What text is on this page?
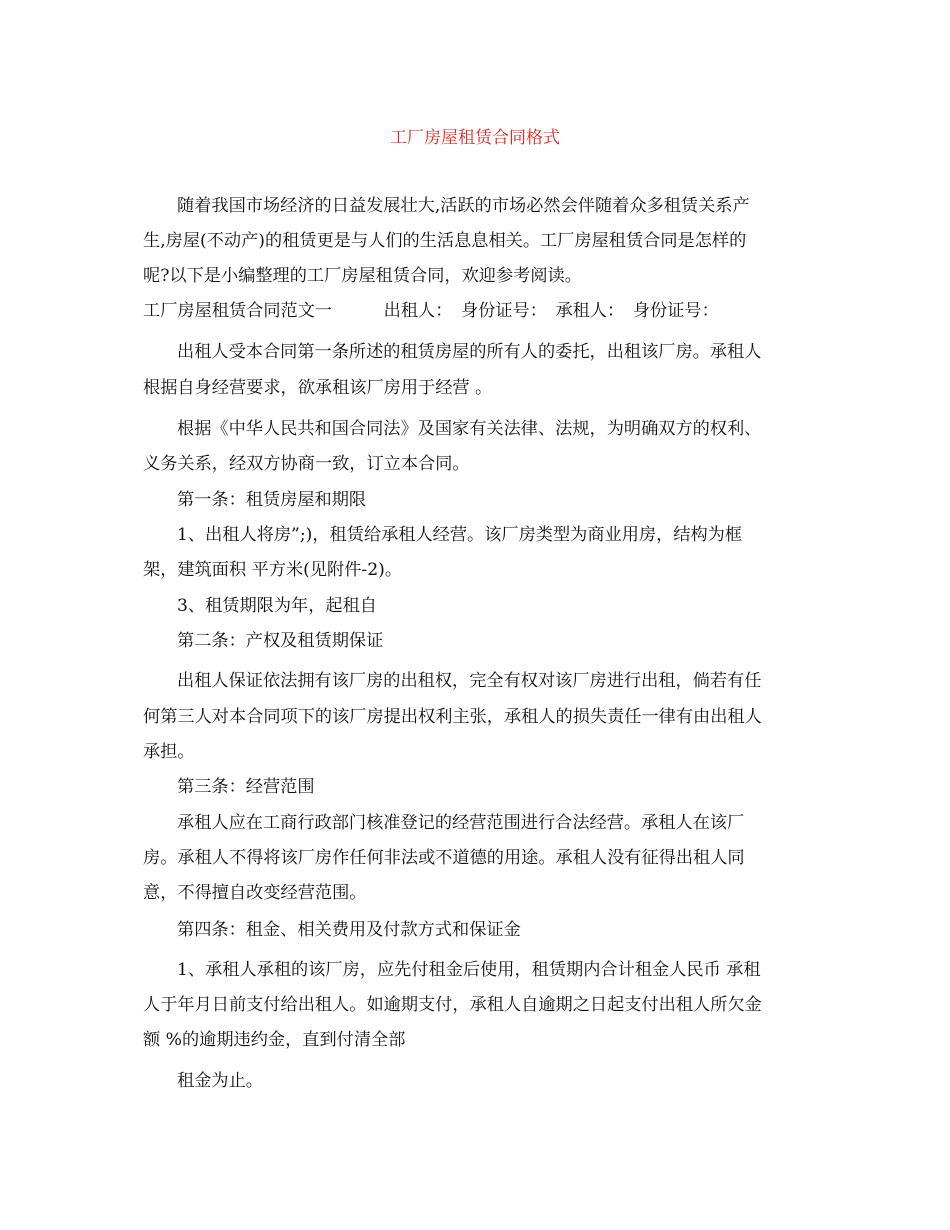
工厂房屋租赁合同格式
随着我国市场经济的日益发展壮大,活跃的市场必然会伴随着众多租赁关系产
生,房屋(不动产)的租赁更是与人们的生活息息相关。工厂房屋租赁合同是怎样的
呢?以下是小编整理的工厂房屋租赁合同，欢迎参考阅读。
工厂房屋租赁合同范文一　　　出租人：　身份证号：　承租人：　身份证号：
出租人受本合同第一条所述的租赁房屋的所有人的委托，出租该厂房。承租人
根据自身经营要求，欲承租该厂房用于经营 。
根据《中华人民共和国合同法》及国家有关法律、法规，为明确双方的权利、
义务关系，经双方协商一致，订立本合同。
第一条：租赁房屋和期限
1、出租人将房”;)，租赁给承租人经营。该厂房类型为商业用房，结构为框
架，建筑面积 平方米(见附件-2)。
3、租赁期限为年，起租自
第二条：产权及租赁期保证
出租人保证依法拥有该厂房的出租权，完全有权对该厂房进行出租，倘若有任
何第三人对本合同项下的该厂房提出权利主张，承租人的损失责任一律有由出租人
承担。
第三条：经营范围
承租人应在工商行政部门核准登记的经营范围进行合法经营。承租人在该厂
房。承租人不得将该厂房作任何非法或不道德的用途。承租人没有征得出租人同
意，不得擅自改变经营范围。
第四条：租金、相关费用及付款方式和保证金
1、承租人承租的该厂房，应先付租金后使用，租赁期内合计租金人民币 承租
人于年月日前支付给出租人。如逾期支付，承租人自逾期之日起支付出租人所欠金
额 %的逾期违约金，直到付清全部
租金为止。
